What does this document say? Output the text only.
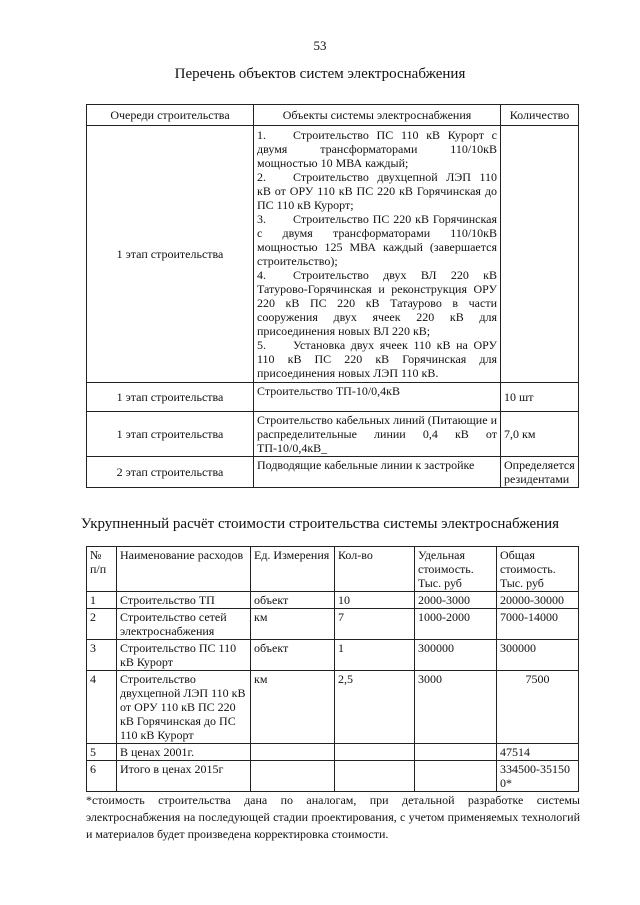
53
Перечень объектов систем электроснабжения
Очереди строительства	Объекты системы электроснабжения	Количество
1 этап строительства	1. Строительство ПС 110 кВ Курорт с двумя трансформаторами 110/10кВ мощностью 10 МВА каждый;
2. Строительство двухцепной ЛЭП 110 кВ от ОРУ 110 кВ ПС 220 кВ Горячинская до ПС 110 кВ Курорт;
3. Строительство ПС 220 кВ Горячинская с двумя трансформаторами 110/10кВ мощностью 125 МВА каждый (завершается строительство);
4. Строительство двух ВЛ 220 кВ Татурово-Горячинская и реконструкция ОРУ 220 кВ ПС 220 кВ Татаурово в части сооружения двух ячеек 220 кВ для присоединения новых ВЛ 220 кВ;
5. Установка двух ячеек 110 кВ на ОРУ 110 кВ ПС 220 кВ Горячинская для присоединения новых ЛЭП 110 кВ.	

1 этап строительства	Строительство ТП-10/0,4кВ	10 шт
1 этап строительства	Строительство кабельных линий (Питающие и распределительные линии 0,4 кВ от ТП-10/0,4кВ_	7,0 км
2 этап строительства	Подводящие кабельные линии к застройке	Определяется резидентами
Укрупненный расчёт стоимости строительства системы электроснабжения
№ п/п	Наименование расходов	Ед. Измерения	Кол-во	Удельная стоимость. Тыс. руб	Общая стоимость. Тыс. руб
1	Строительство ТП	объект	10	2000-3000	20000-30000
2	Строительство сетей электроснабжения	км	7	1000-2000	7000-14000
3	Строительство ПС 110 кВ Курорт	объект	1	300000	300000
4	Строительство двухцепной ЛЭП 110 кВ от ОРУ 110 кВ ПС 220 кВ Горячинская до ПС 110 кВ Курорт	км	2,5	3000	7500
5	В ценах 2001г.				47514
6	Итого в ценах 2015г				334500-351500*
*стоимость строительства дана по аналогам, при детальной разработке системы электроснабжения на последующей стадии проектирования, с учетом применяемых технологий и материалов будет произведена корректировка стоимости.
